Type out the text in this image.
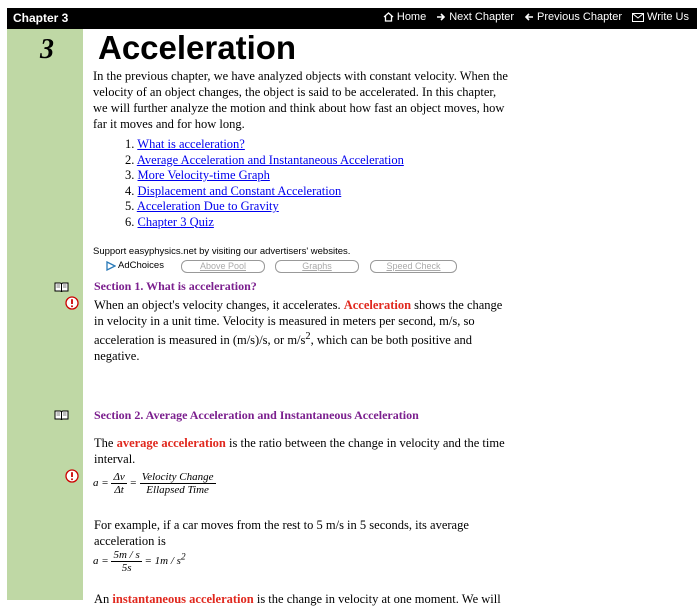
Chapter 3	Home Next Chapter Previous Chapter Write Us
3 Acceleration
In the previous chapter, we have analyzed objects with constant velocity. When the velocity of an object changes, the object is said to be accelerated. In this chapter, we will further analyze the motion and think about how fast an object moves, how far it moves and for how long.
1. What is acceleration?
2. Average Acceleration and Instantaneous Acceleration
3. More Velocity-time Graph
4. Displacement and Constant Acceleration
5. Acceleration Due to Gravity
6. Chapter 3 Quiz
Support easyphysics.net by visiting our advertisers' websites.
AdChoices	Above Pool	Graphs	Speed Check
Section 1. What is acceleration?
When an object's velocity changes, it accelerates. Acceleration shows the change in velocity in a unit time. Velocity is measured in meters per second, m/s, so acceleration is measured in (m/s)/s, or $m/s^2$, which can be both positive and negative.
Section 2. Average Acceleration and Instantaneous Acceleration
The average acceleration is the ratio between the change in velocity and the time interval.
$a = \frac{\Delta v}{\Delta t} = \frac{\text{Velocity Change}}{\text{Ellapsed Time}}$
For example, if a car moves from the rest to 5 m/s in 5 seconds, its average acceleration is
$a = \frac{5m / s}{5s} = 1m / s^2$
An instantaneous acceleration is the change in velocity at one moment. We will
